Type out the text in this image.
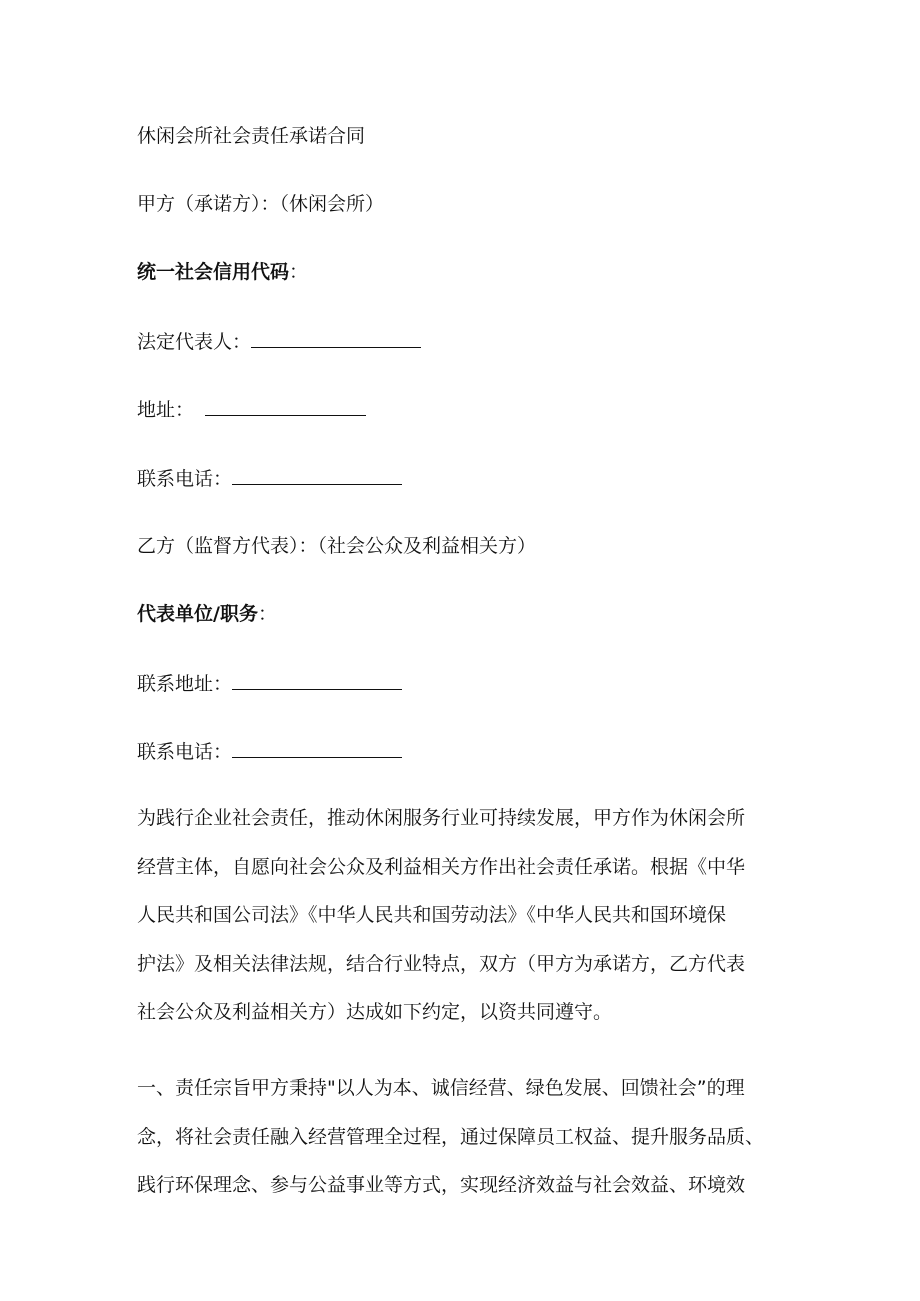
休闲会所社会责任承诺合同
甲方（承诺方）：（休闲会所）
统一社会信用代码：
法定代表人：
地址：
联系电话：
乙方（监督方代表）：（社会公众及利益相关方）
代表单位/职务：
联系地址：
联系电话：
为践行企业社会责任，推动休闲服务行业可持续发展，甲方作为休闲会所
经营主体，自愿向社会公众及利益相关方作出社会责任承诺。根据《中华
人民共和国公司法》《中华人民共和国劳动法》《中华人民共和国环境保
护法》及相关法律法规，结合行业特点，双方（甲方为承诺方，乙方代表
社会公众及利益相关方）达成如下约定，以资共同遵守。
一、责任宗旨甲方秉持"以人为本、诚信经营、绿色发展、回馈社会”的理
念，将社会责任融入经营管理全过程，通过保障员工权益、提升服务品质、
践行环保理念、参与公益事业等方式，实现经济效益与社会效益、环境效
